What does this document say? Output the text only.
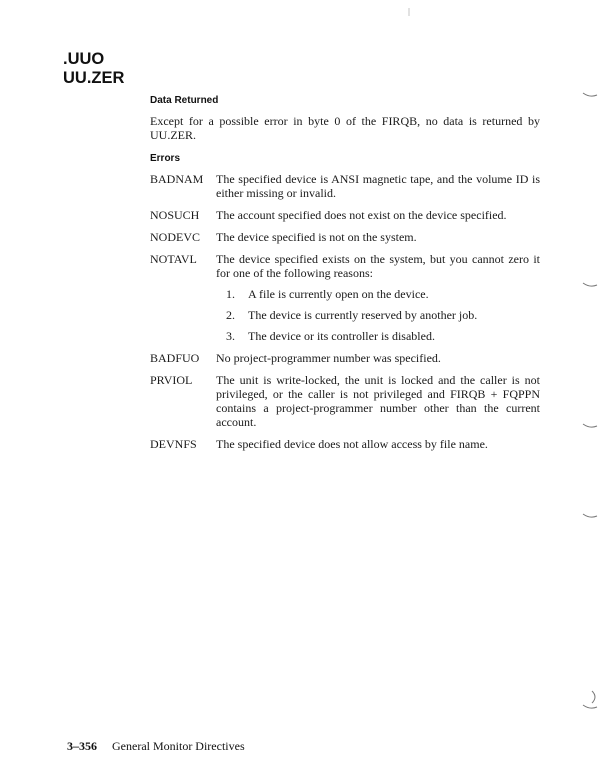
.UUO
UU.ZER
Data Returned

Except for a possible error in byte 0 of the FIRQB, no data is returned by UU.ZER.

Errors
BADNAM	The specified device is ANSI magnetic tape, and the volume ID is either missing or invalid.
NOSUCH	The account specified does not exist on the device specified.
NODEVC	The device specified is not on the system.
NOTAVL	The device specified exists on the system, but you cannot zero it for one of the following reasons:
1.	A file is currently open on the device.
2.	The device is currently reserved by another job.
3.	The device or its controller is disabled.
BADFUO	No project-programmer number was specified.
PRVIOL	The unit is write-locked, the unit is locked and the caller is not privileged, or the caller is not privileged and FIRQB + FQPPN contains a project-programmer number other than the current account.
DEVNFS	The specified device does not allow access by file name.
3–356 General Monitor Directives
